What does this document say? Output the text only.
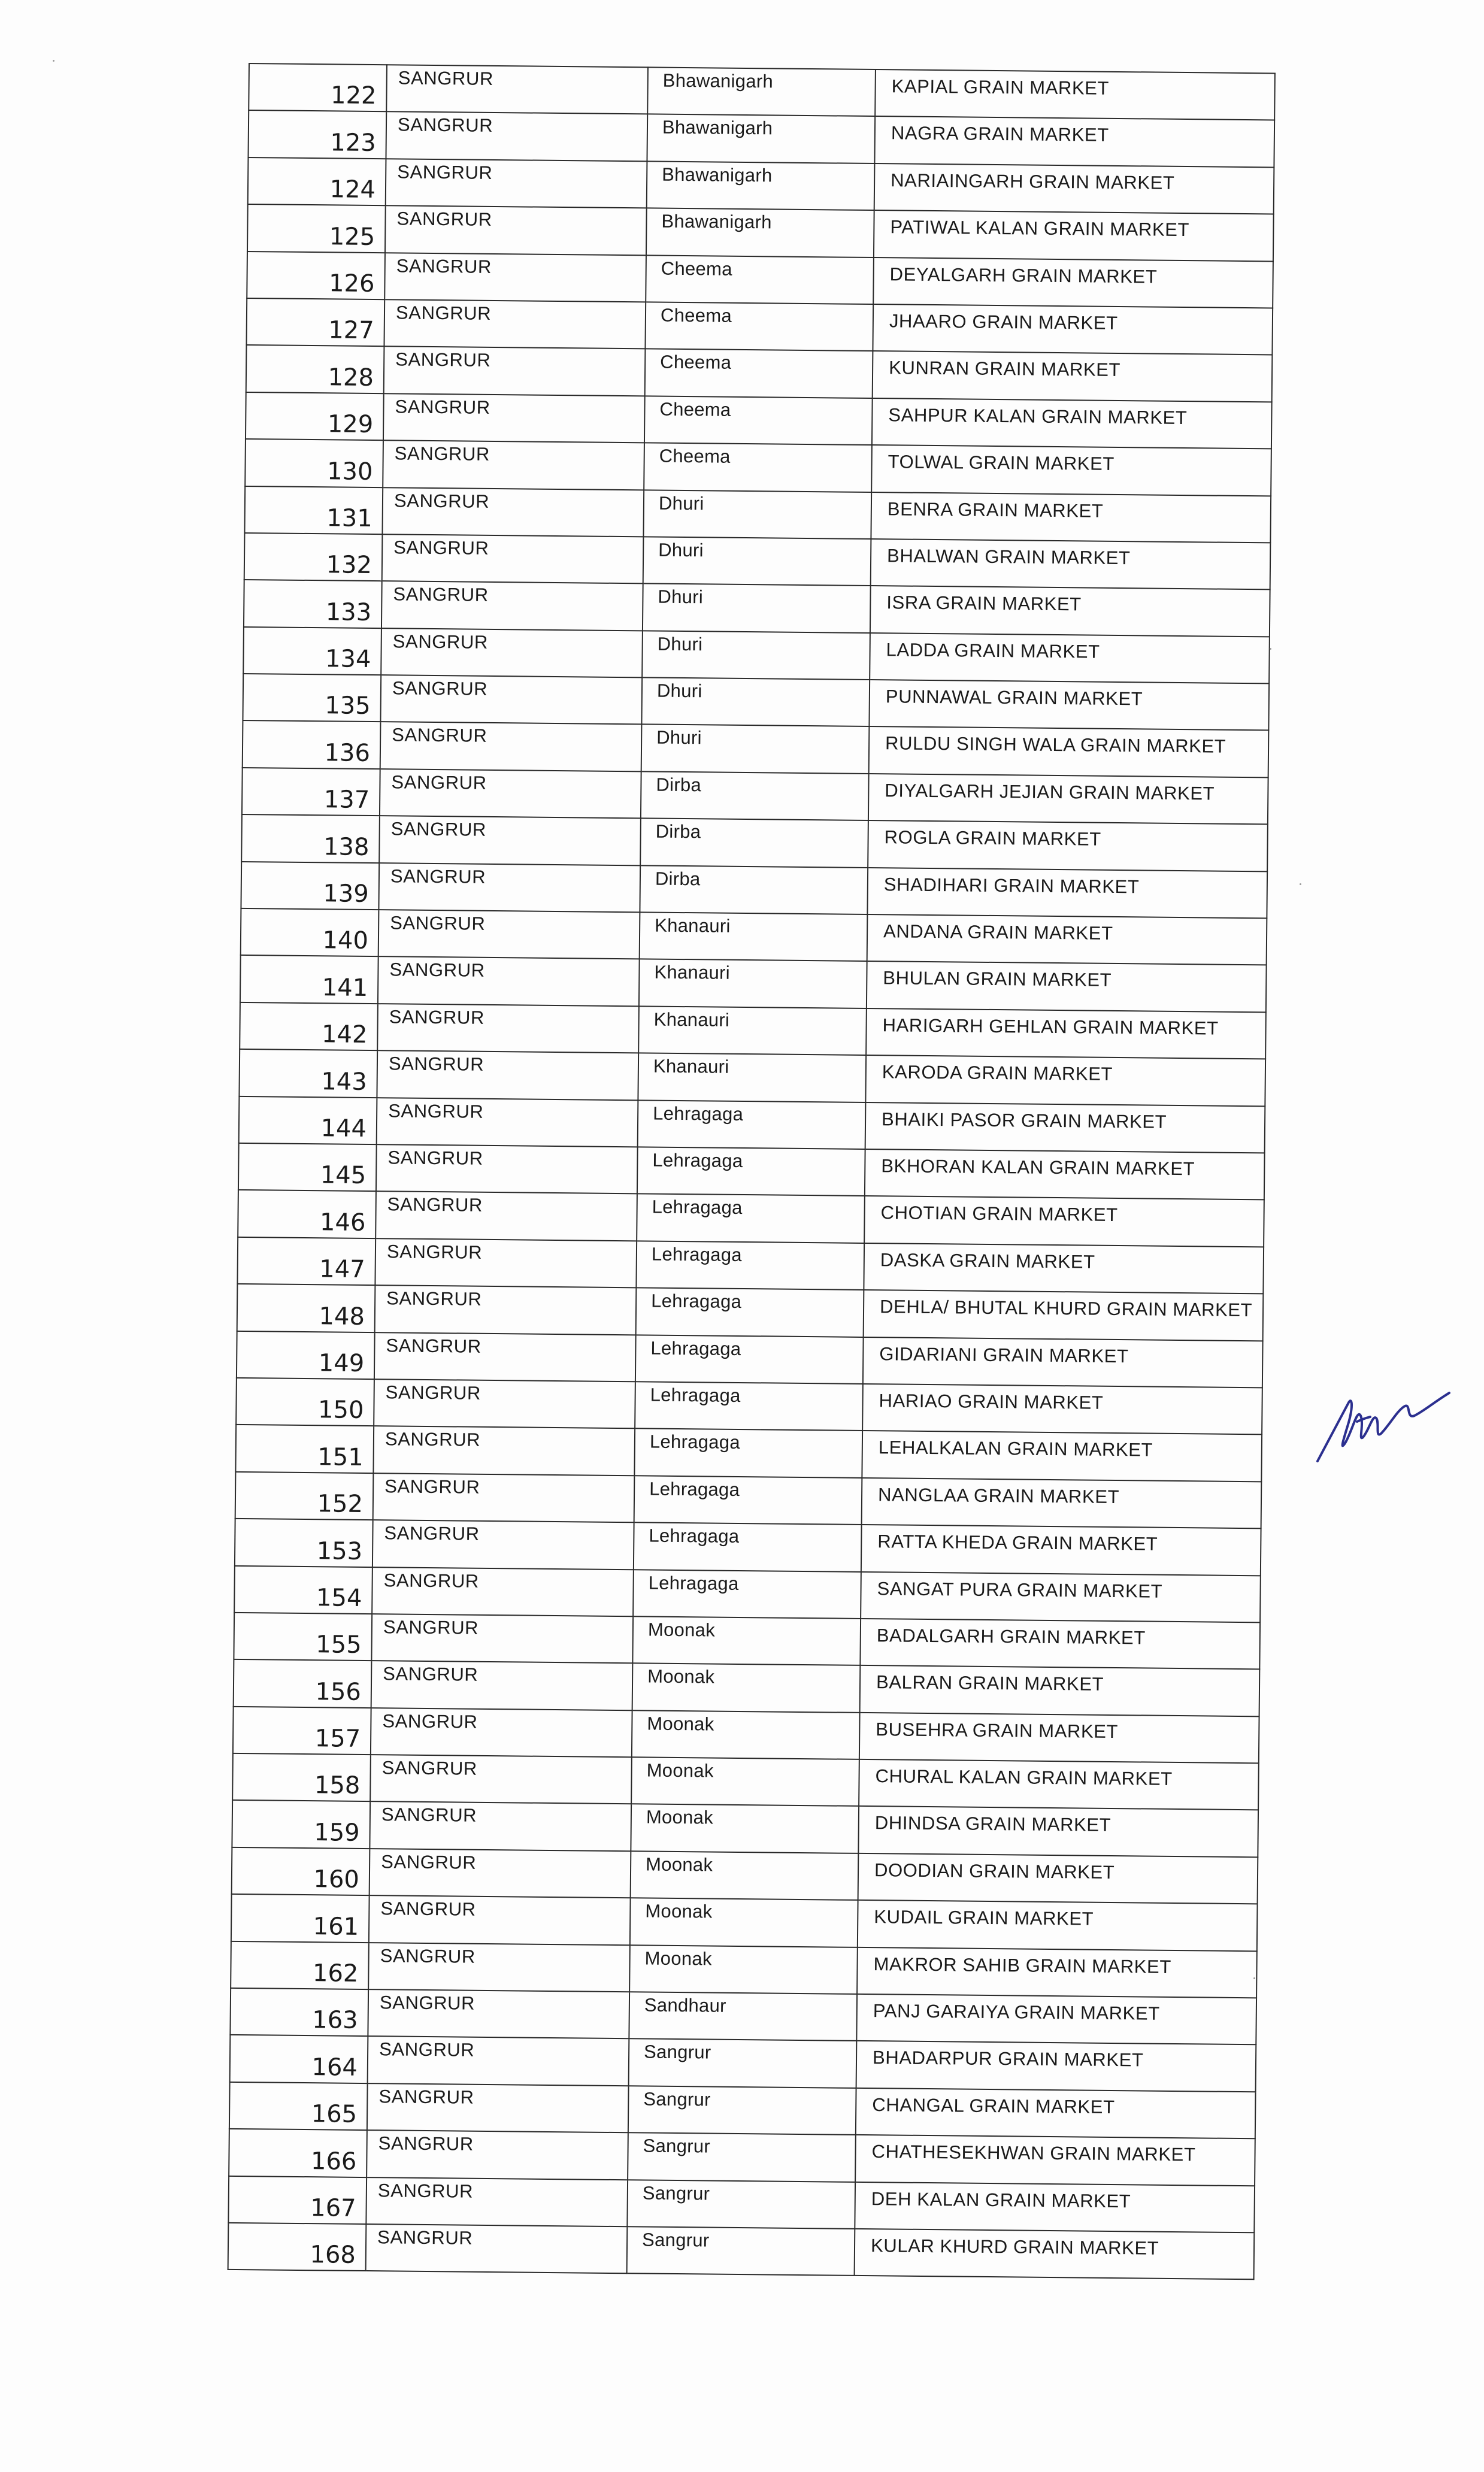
122	SANGRUR	Bhawanigarh	KAPIAL GRAIN MARKET

123	SANGRUR	Bhawanigarh	NAGRA GRAIN MARKET

124	SANGRUR	Bhawanigarh	NARIAINGARH GRAIN MARKET

125	SANGRUR	Bhawanigarh	PATIWAL KALAN GRAIN MARKET

126	SANGRUR	Cheema	DEYALGARH GRAIN MARKET

127	SANGRUR	Cheema	JHAARO GRAIN MARKET

128	SANGRUR	Cheema	KUNRAN GRAIN MARKET

129	SANGRUR	Cheema	SAHPUR KALAN GRAIN MARKET

130	SANGRUR	Cheema	TOLWAL GRAIN MARKET

131	SANGRUR	Dhuri	BENRA GRAIN MARKET

132	SANGRUR	Dhuri	BHALWAN GRAIN MARKET

133	SANGRUR	Dhuri	ISRA GRAIN MARKET

134	SANGRUR	Dhuri	LADDA GRAIN MARKET

135	SANGRUR	Dhuri	PUNNAWAL GRAIN MARKET

136	SANGRUR	Dhuri	RULDU SINGH WALA GRAIN MARKET

137	SANGRUR	Dirba	DIYALGARH JEJIAN GRAIN MARKET

138	SANGRUR	Dirba	ROGLA GRAIN MARKET

139	SANGRUR	Dirba	SHADIHARI GRAIN MARKET

140	SANGRUR	Khanauri	ANDANA GRAIN MARKET

141	SANGRUR	Khanauri	BHULAN GRAIN MARKET

142	SANGRUR	Khanauri	HARIGARH GEHLAN GRAIN MARKET

143	SANGRUR	Khanauri	KARODA GRAIN MARKET

144	SANGRUR	Lehragaga	BHAIKI PASOR GRAIN MARKET

145	SANGRUR	Lehragaga	BKHORAN KALAN GRAIN MARKET

146	SANGRUR	Lehragaga	CHOTIAN GRAIN MARKET

147	SANGRUR	Lehragaga	DASKA GRAIN MARKET

148	SANGRUR	Lehragaga	DEHLA/ BHUTAL KHURD GRAIN MARKET

149	SANGRUR	Lehragaga	GIDARIANI GRAIN MARKET

150	SANGRUR	Lehragaga	HARIAO GRAIN MARKET

151	SANGRUR	Lehragaga	LEHALKALAN GRAIN MARKET

152	SANGRUR	Lehragaga	NANGLAA GRAIN MARKET

153	SANGRUR	Lehragaga	RATTA KHEDA GRAIN MARKET

154	SANGRUR	Lehragaga	SANGAT PURA GRAIN MARKET

155	SANGRUR	Moonak	BADALGARH GRAIN MARKET

156	SANGRUR	Moonak	BALRAN GRAIN MARKET

157	SANGRUR	Moonak	BUSEHRA GRAIN MARKET

158	SANGRUR	Moonak	CHURAL KALAN GRAIN MARKET

159	SANGRUR	Moonak	DHINDSA GRAIN MARKET

160	SANGRUR	Moonak	DOODIAN GRAIN MARKET

161	SANGRUR	Moonak	KUDAIL GRAIN MARKET

162	SANGRUR	Moonak	MAKROR SAHIB GRAIN MARKET

163	SANGRUR	Sandhaur	PANJ GARAIYA GRAIN MARKET

164	SANGRUR	Sangrur	BHADARPUR GRAIN MARKET

165	SANGRUR	Sangrur	CHANGAL GRAIN MARKET

166	SANGRUR	Sangrur	CHATHESEKHWAN GRAIN MARKET

167	SANGRUR	Sangrur	DEH KALAN GRAIN MARKET

168	SANGRUR	Sangrur	KULAR KHURD GRAIN MARKET
